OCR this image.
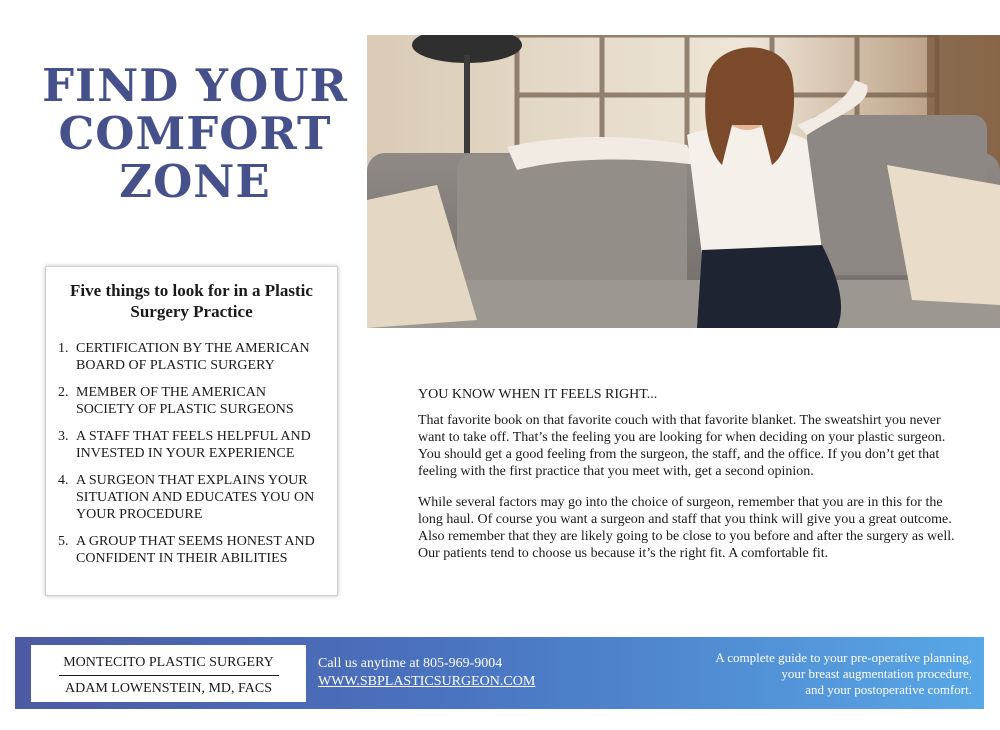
FIND YOUR
COMFORT
ZONE
Five things to look for in a Plastic Surgery Practice
1. CERTIFICATION BY THE AMERICAN BOARD OF PLASTIC SURGERY
2. MEMBER OF THE AMERICAN SOCIETY OF PLASTIC SURGEONS
3. A STAFF THAT FEELS HELPFUL AND INVESTED IN YOUR EXPERIENCE
4. A SURGEON THAT EXPLAINS YOUR SITUATION AND EDUCATES YOU ON YOUR PROCEDURE
5. A GROUP THAT SEEMS HONEST AND CONFIDENT IN THEIR ABILITIES
YOU KNOW WHEN IT FEELS RIGHT...

That favorite book on that favorite couch with that favorite blanket. The sweatshirt you never want to take off. That’s the feeling you are looking for when deciding on your plastic surgeon. You should get a good feeling from the surgeon, the staff, and the office. If you don’t get that feeling with the first practice that you meet with, get a second opinion.

While several factors may go into the choice of surgeon, remember that you are in this for the long haul. Of course you want a surgeon and staff that you think will give you a great outcome. Also remember that they are likely going to be close to you before and after the surgery as well. Our patients tend to choose us because it’s the right fit. A comfortable fit.

MONTECITO PLASTIC SURGERY
ADAM LOWENSTEIN, MD, FACS
Call us anytime at 805-969-9004
WWW.SBPLASTICSURGEON.COM
A complete guide to your pre-operative planning,
your breast augmentation procedure,
and your postoperative comfort.
